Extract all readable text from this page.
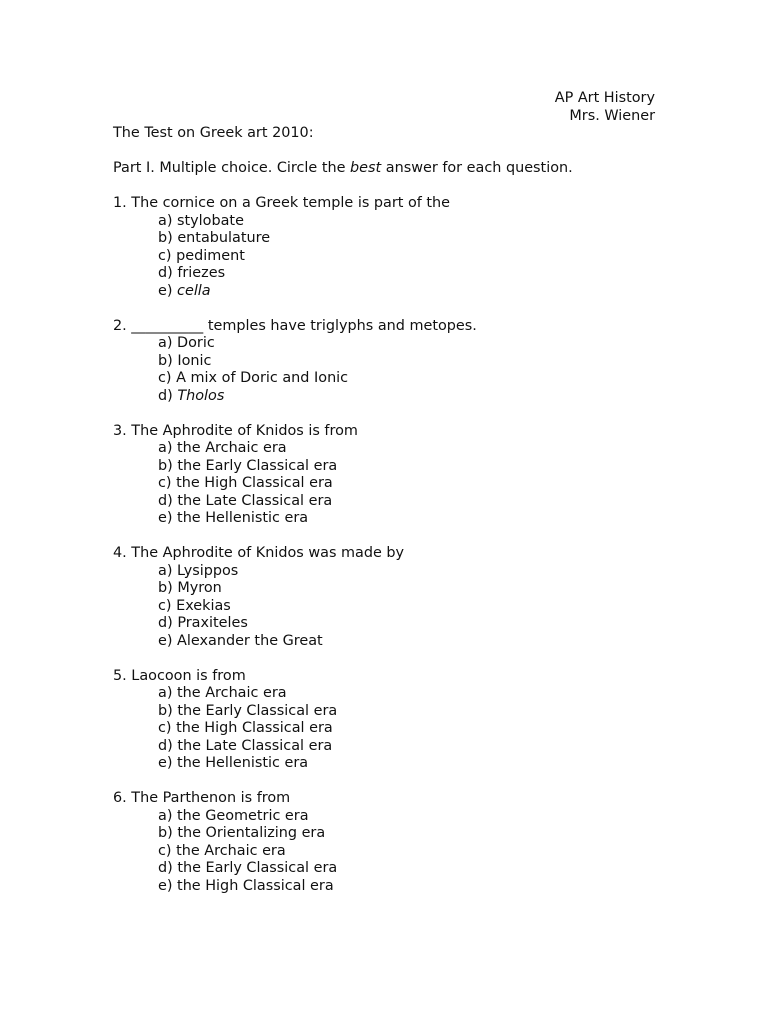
AP Art History
Mrs. Wiener
The Test on Greek art 2010:
Part I. Multiple choice. Circle the best answer for each question.
1. The cornice on a Greek temple is part of the
a) stylobate
b) entabulature
c) pediment
d) friezes
e) cella
2. __________ temples have triglyphs and metopes.
a) Doric
b) Ionic
c) A mix of Doric and Ionic
d) Tholos
3. The Aphrodite of Knidos is from
a) the Archaic era
b) the Early Classical era
c) the High Classical era
d) the Late Classical era
e) the Hellenistic era
4. The Aphrodite of Knidos was made by
a) Lysippos
b) Myron
c) Exekias
d) Praxiteles
e) Alexander the Great
5. Laocoon is from
a) the Archaic era
b) the Early Classical era
c) the High Classical era
d) the Late Classical era
e) the Hellenistic era
6. The Parthenon is from
a) the Geometric era
b) the Orientalizing era
c) the Archaic era
d) the Early Classical era
e) the High Classical era
